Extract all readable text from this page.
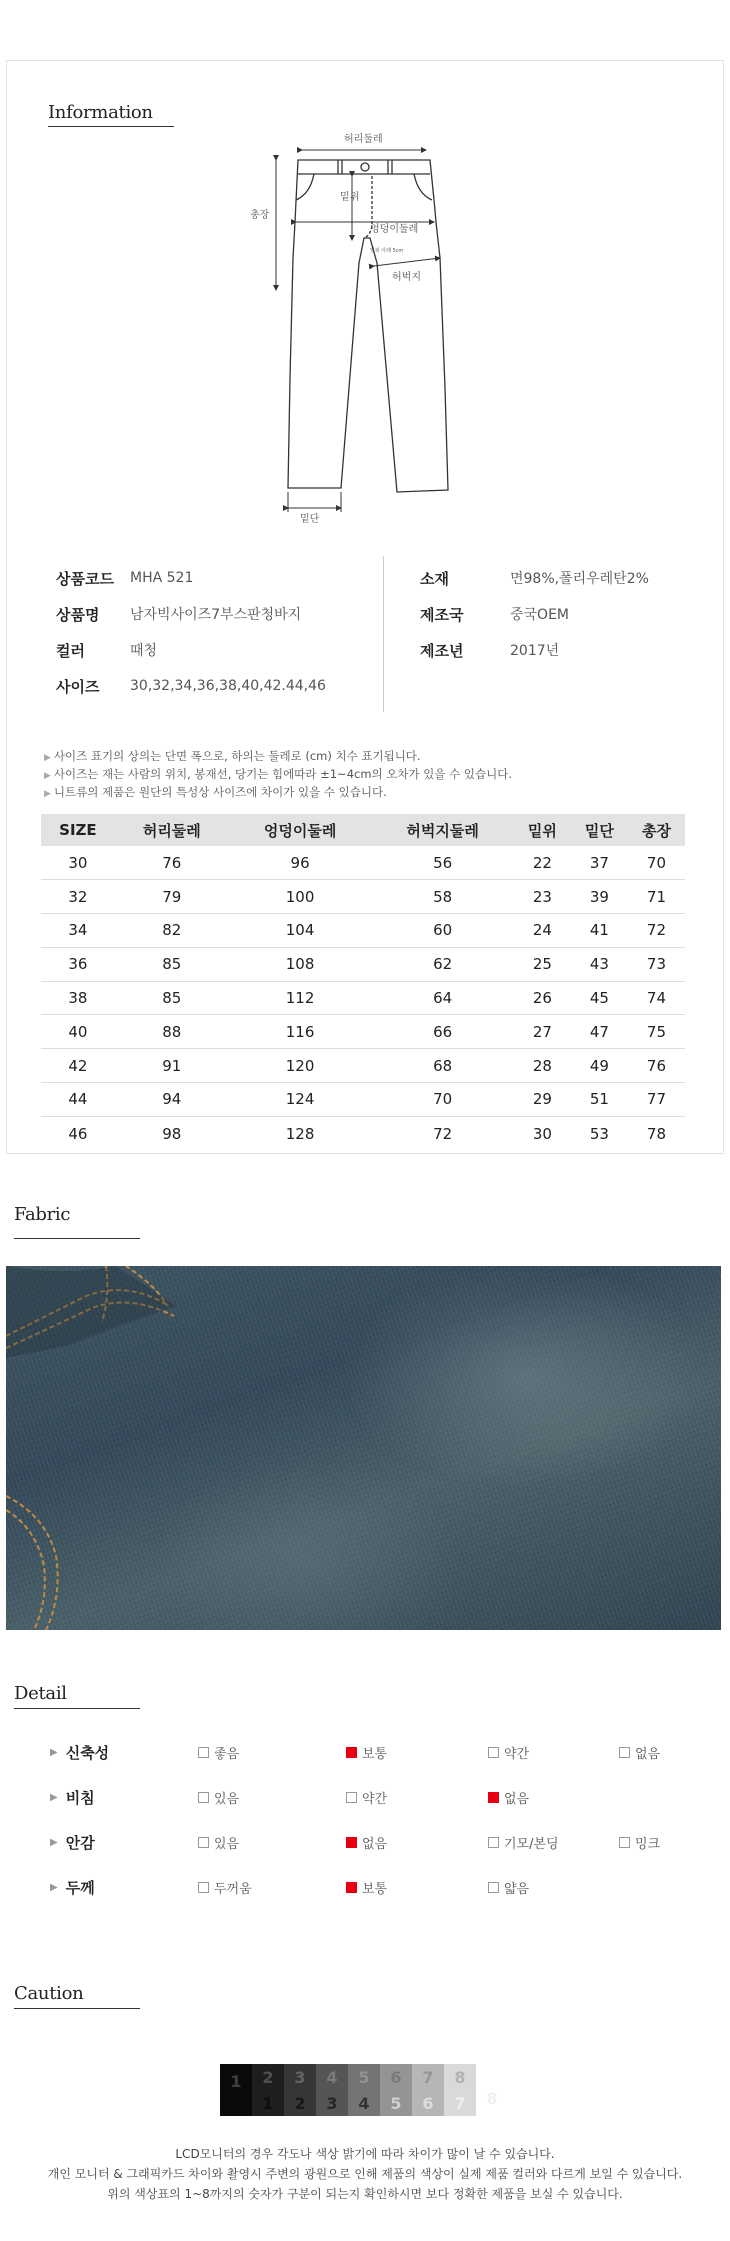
Information
허리둘레
총장
밑위
엉덩이둘레
밑위 아래 5cm
허벅지
밑단
상품코드	MHA 521
상품명	남자빅사이즈7부스판청바지
컬러	때청
사이즈	30,32,34,36,38,40,42.44,46
소재	면98%,폴리우레탄2%
제조국	중국OEM
제조년	2017년
▶ 사이즈 표기의 상의는 단면 폭으로, 하의는 둘레로 (cm) 치수 표기됩니다.
▶ 사이즈는 재는 사람의 위치, 봉재선, 당기는 힘에따라 ±1~4cm의 오차가 있을 수 있습니다.
▶ 니트류의 제품은 원단의 특성상 사이즈에 차이가 있을 수 있습니다.
SIZE	허리둘레	엉덩이둘레	허벅지둘레	밑위	밑단	총장
30	76	96	56	22	37	70
32	79	100	58	23	39	71
34	82	104	60	24	41	72
36	85	108	62	25	43	73
38	85	112	64	26	45	74
40	88	116	66	27	47	75
42	91	120	68	28	49	76
44	94	124	70	29	51	77
46	98	128	72	30	53	78
Fabric
Detail
▶ 신축성	좋음	보통	약간	없음
▶ 비침	있음	약간	없음
▶ 안감	있음	없음	기모/본딩	밍크
▶ 두께	두꺼움	보통	얇음
Caution
1 2
1
3
2
4
3
5
4
6
5
7
6
8
7 8
LCD모니터의 경우 각도나 색상 밝기에 따라 차이가 많이 날 수 있습니다.
개인 모니터 & 그래픽카드 차이와 촬영시 주변의 광원으로 인해 제품의 색상이 실제 제품 컬러와 다르게 보일 수 있습니다.
위의 색상표의 1~8까지의 숫자가 구분이 되는지 확인하시면 보다 정확한 제품을 보실 수 있습니다.
